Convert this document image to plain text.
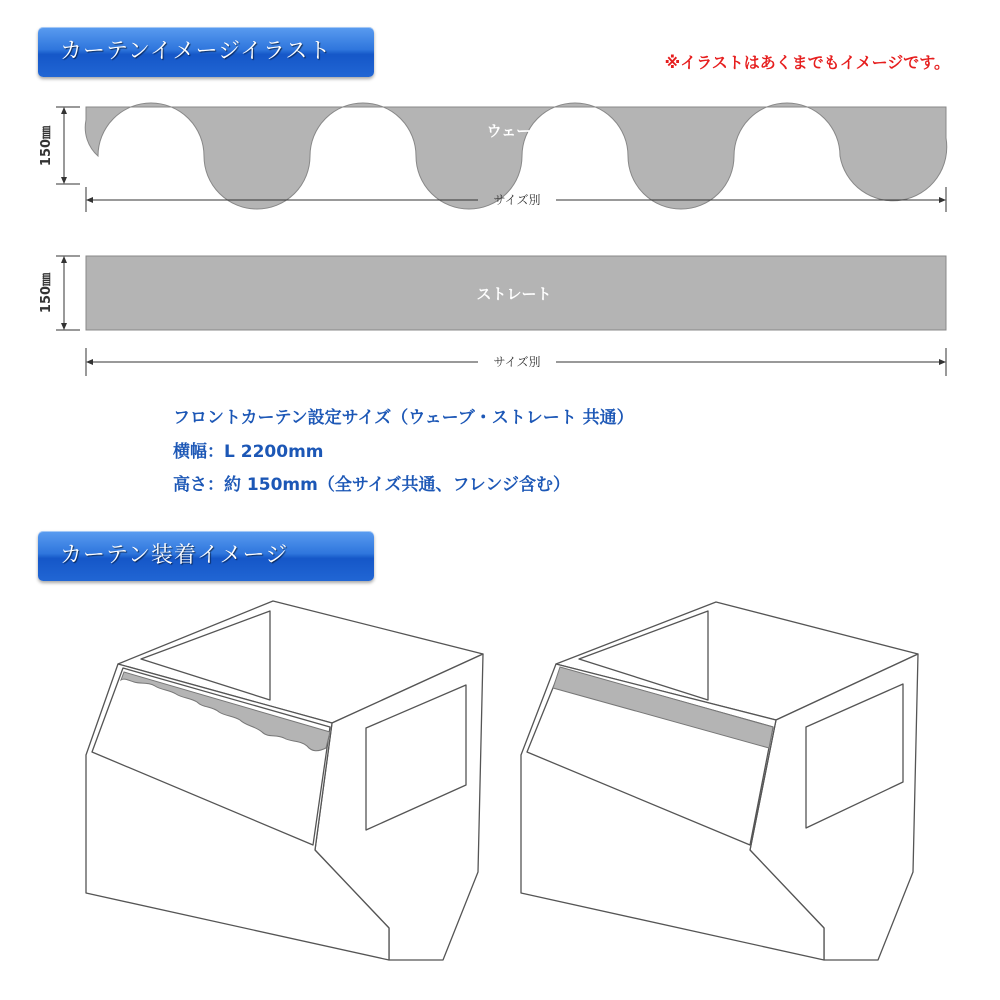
カーテンイメージイラスト	※イラストはあくまでもイメージです。
ウェーブ
150㎜
サイズ別
ストレート
150㎜
サイズ別
フロントカーテン設定サイズ（ウェーブ・ストレート 共通）
横幅：L 2200mm
高さ：約 150mm（全サイズ共通、フレンジ含む）
カーテン装着イメージ
